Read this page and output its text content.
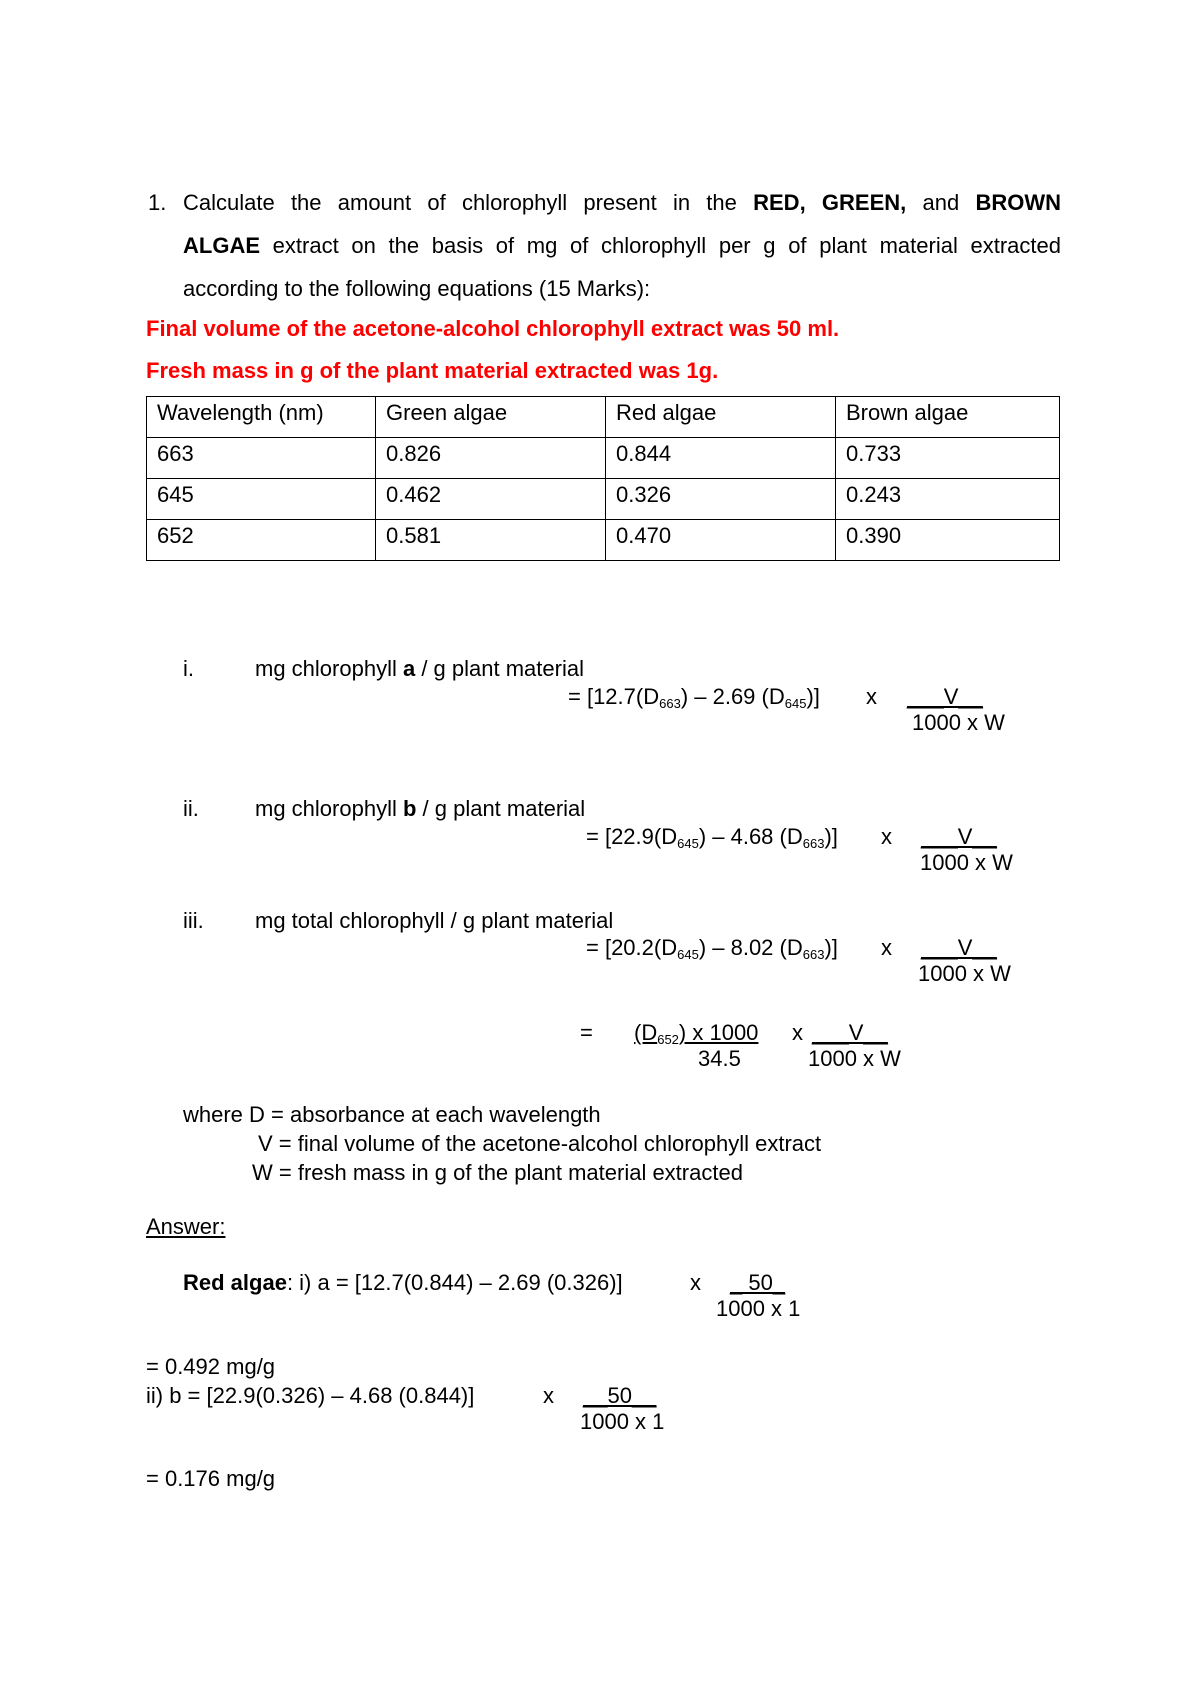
1. Calculate the amount of chlorophyll present in the RED, GREEN, and BROWN
ALGAE extract on the basis of mg of chlorophyll per g of plant material extracted
according to the following equations (15 Marks):
Final volume of the acetone-alcohol chlorophyll extract was 50 ml.
Fresh mass in g of the plant material extracted was 1g.
Wavelength (nm)	Green algae	Red algae	Brown algae
663	0.826	0.844	0.733
645	0.462	0.326	0.243
652	0.581	0.470	0.390
i.	mg chlorophyll a / g plant material
= [$12.7(D_{663}) - 2.69$ $(D_{645})$] x ___V__
1000 x W
ii.	mg chlorophyll b / g plant material
= [$22.9(D_{645}) - 4.68$ $(D_{663})$] x ___V__
1000 x W
iii. mg total chlorophyll / g plant material
= [$20.2(D_{645}) - 8.02$ $(D_{663})$] x ___V__
1000 x W
= $(D_{652})$ x 1000
34.5
x ___V__
1000 x W
where D = absorbance at each wavelength
V = final volume of the acetone-alcohol chlorophyll extract
W = fresh mass in g of the plant material extracted
Answer:
Red algae: i) a = [12.7(0.844) – 2.69 (0.326)]	x _ 50_
1000 x 1
= 0.492 mg/g
ii) b = [22.9(0.326) – 4.68 (0.844)]	x __50__
1000 x 1
= 0.176 mg/g
